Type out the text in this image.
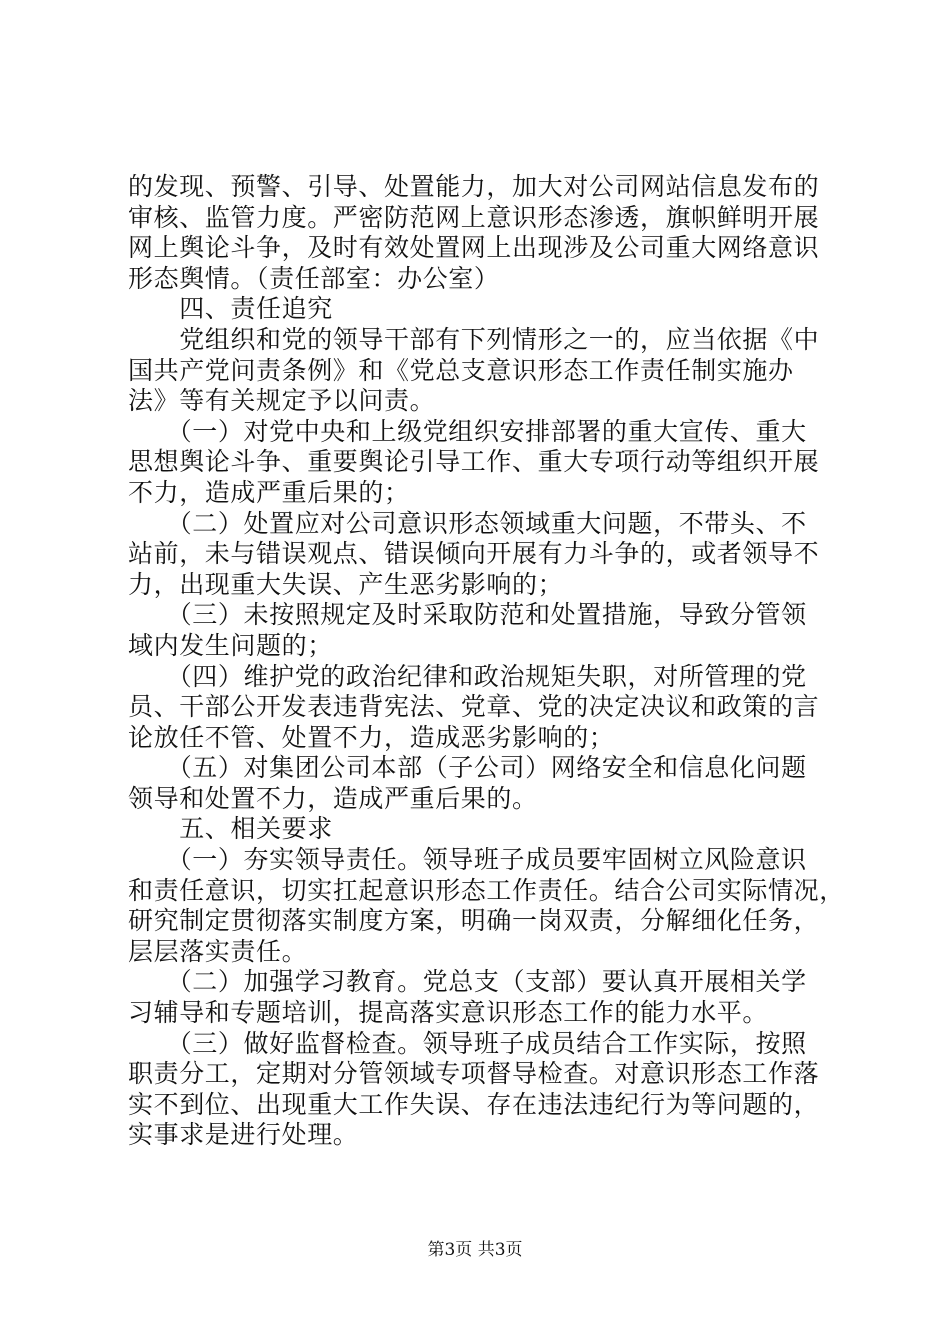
的发现、预警、引导、处置能力，加大对公司网站信息发布的
审核、监管力度。严密防范网上意识形态渗透，旗帜鲜明开展
网上舆论斗争，及时有效处置网上出现涉及公司重大网络意识
形态舆情。（责任部室：办公室）
　　四、责任追究
　　党组织和党的领导干部有下列情形之一的，应当依据《中
国共产党问责条例》和《党总支意识形态工作责任制实施办
法》等有关规定予以问责。
　　（一）对党中央和上级党组织安排部署的重大宣传、重大
思想舆论斗争、重要舆论引导工作、重大专项行动等组织开展
不力，造成严重后果的；
　　（二）处置应对公司意识形态领域重大问题，不带头、不
站前，未与错误观点、错误倾向开展有力斗争的，或者领导不
力，出现重大失误、产生恶劣影响的；
　　（三）未按照规定及时采取防范和处置措施，导致分管领
域内发生问题的；
　　（四）维护党的政治纪律和政治规矩失职，对所管理的党
员、干部公开发表违背宪法、党章、党的决定决议和政策的言
论放任不管、处置不力，造成恶劣影响的；
　　（五）对集团公司本部（子公司）网络安全和信息化问题
领导和处置不力，造成严重后果的。
　　五、相关要求
　　（一）夯实领导责任。领导班子成员要牢固树立风险意识
和责任意识，切实扛起意识形态工作责任。结合公司实际情况，
研究制定贯彻落实制度方案，明确一岗双责，分解细化任务，
层层落实责任。
　　（二）加强学习教育。党总支（支部）要认真开展相关学
习辅导和专题培训，提高落实意识形态工作的能力水平。
　　（三）做好监督检查。领导班子成员结合工作实际，按照
职责分工，定期对分管领域专项督导检查。对意识形态工作落
实不到位、出现重大工作失误、存在违法违纪行为等问题的，
实事求是进行处理。
第3页 共3页
